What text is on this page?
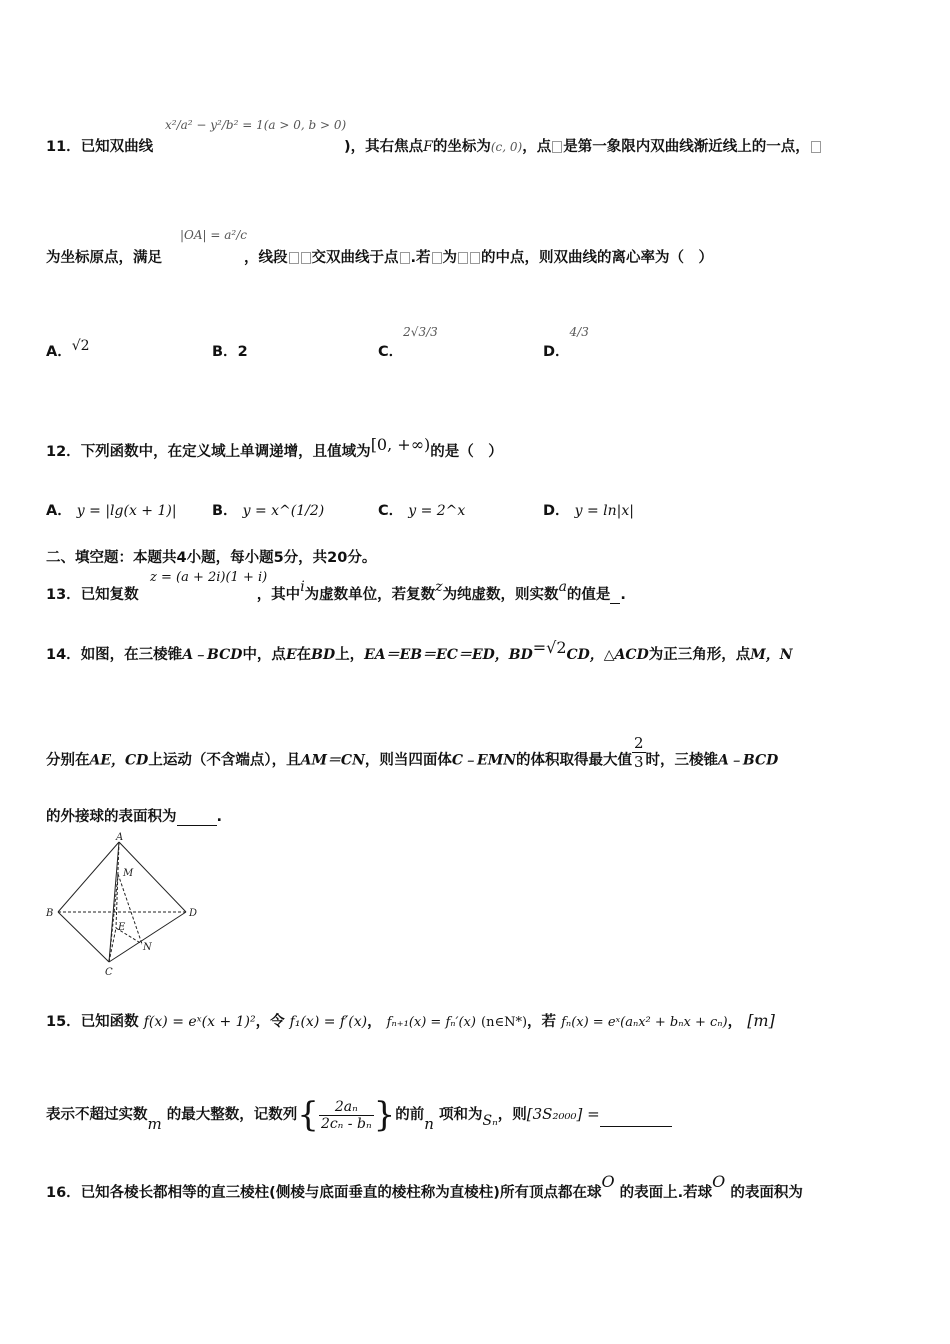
11．已知双曲线
x²/a² − y²/b² = 1(a > 0, b > 0)
)，其右焦点F的坐标为(c, 0)，点 是第一象限内双曲线渐近线上的一点，
|OA| = a²/c
为坐标原点，满足	，线段 交双曲线于点 .若 为 的中点，则双曲线的离心率为（　）
A．√2	B．2	C．$^{2√3/3}$
D．$^{4/3}$
12．下列函数中，在定义域上单调递增，且值域为[0, +∞)的是（　）
A． y = |lg(x + 1)| B． y = x^(1/2)	C． y = 2^x	D． y = ln|x|
二、填空题：本题共4小题，每小题5分，共20分。
z = (a + 2i)(1 + i)
13．已知复数	，其中i为虚数单位，若复数z为纯虚数，则实数a的值是 .
14．如图，在三棱锥A﹣BCD中，点E在BD上，EA＝EB＝EC＝ED，BD=√2CD，△ACD为正三角形，点M，N
分别在AE，CD上运动（不含端点），且AM＝CN，则当四面体C﹣EMN的体积取得最大值 $\frac{2}{3}$ 时，三棱锥A﹣BCD
的外接球的表面积为	.
A
B
C
D
E
M
N
15．已知函数 f(x) = eˣ(x + 1)²，令 f₁(x) = f′(x)， fₙ₊₁(x) = fₙ′(x) (n∈N*)，若 fₙ(x) = eˣ(aₙx² + bₙx + cₙ)， [m]
表示不超过实数m 的最大整数，记数列{ $\frac{\text{2aₙ}}{\text{2cₙ - bₙ}}$ }的前n 项和为Sₙ，则[3S₂₀₀₀] =
16．已知各棱长都相等的直三棱柱(侧棱与底面垂直的棱柱称为直棱柱)所有顶点都在球O 的表面上.若球O 的表面积为
